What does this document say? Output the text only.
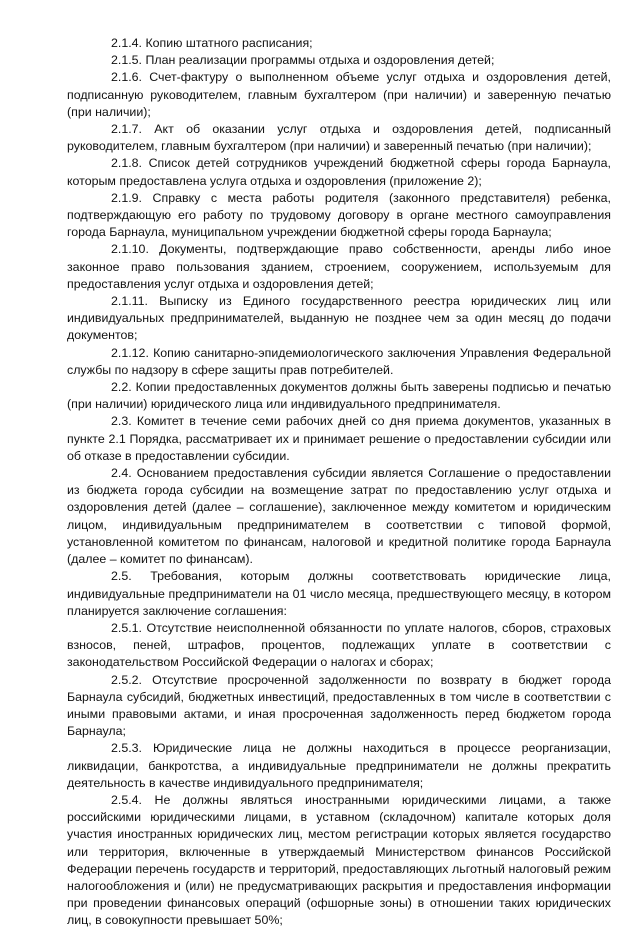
2.1.4. Копию штатного расписания;

2.1.5. План реализации программы отдыха и оздоровления детей;

2.1.6. Счет-фактуру о выполненном объеме услуг отдыха и оздоровления детей, подписанную руководителем, главным бухгалтером (при наличии) и заверенную печатью (при наличии);

2.1.7. Акт об оказании услуг отдыха и оздоровления детей, подписанный руководителем, главным бухгалтером (при наличии) и заверенный печатью (при наличии);

2.1.8. Список детей сотрудников учреждений бюджетной сферы города Барнаула, которым предоставлена услуга отдыха и оздоровления (приложение 2);

2.1.9. Справку с места работы родителя (законного представителя) ребенка, подтверждающую его работу по трудовому договору в органе местного самоуправления города Барнаула, муниципальном учреждении бюджетной сферы города Барнаула;

2.1.10. Документы, подтверждающие право собственности, аренды либо иное законное право пользования зданием, строением, сооружением, используемым для предоставления услуг отдыха и оздоровления детей;

2.1.11. Выписку из Единого государственного реестра юридических лиц или индивидуальных предпринимателей, выданную не позднее чем за один месяц до подачи документов;

2.1.12. Копию санитарно-эпидемиологического заключения Управления Федеральной службы по надзору в сфере защиты прав потребителей.

2.2. Копии предоставленных документов должны быть заверены подписью и печатью (при наличии) юридического лица или индивидуального предпринимателя.

2.3. Комитет в течение семи рабочих дней со дня приема документов, указанных в пункте 2.1 Порядка, рассматривает их и принимает решение о предоставлении субсидии или об отказе в предоставлении субсидии.

2.4. Основанием предоставления субсидии является Соглашение о предоставлении из бюджета города субсидии на возмещение затрат по предоставлению услуг отдыха и оздоровления детей (далее – соглашение), заключенное между комитетом и юридическим лицом, индивидуальным предпринимателем в соответствии с типовой формой, установленной комитетом по финансам, налоговой и кредитной политике города Барнаула (далее – комитет по финансам).

2.5. Требования, которым должны соответствовать юридические лица, индивидуальные предприниматели на 01 число месяца, предшествующего месяцу, в котором планируется заключение соглашения:

2.5.1. Отсутствие неисполненной обязанности по уплате налогов, сборов, страховых взносов, пеней, штрафов, процентов, подлежащих уплате в соответствии с законодательством Российской Федерации о налогах и сборах;

2.5.2. Отсутствие просроченной задолженности по возврату в бюджет города Барнаула субсидий, бюджетных инвестиций, предоставленных в том числе в соответствии с иными правовыми актами, и иная просроченная задолженность перед бюджетом города Барнаула;

2.5.3. Юридические лица не должны находиться в процессе реорганизации, ликвидации, банкротства, а индивидуальные предприниматели не должны прекратить деятельность в качестве индивидуального предпринимателя;

2.5.4. Не должны являться иностранными юридическими лицами, а также российскими юридическими лицами, в уставном (складочном) капитале которых доля участия иностранных юридических лиц, местом регистрации которых является государство или территория, включенные в утверждаемый Министерством финансов Российской Федерации перечень государств и территорий, предоставляющих льготный налоговый режим налогообложения и (или) не предусматривающих раскрытия и предоставления информации при проведении финансовых операций (офшорные зоны) в отношении таких юридических лиц, в совокупности превышает 50%;
